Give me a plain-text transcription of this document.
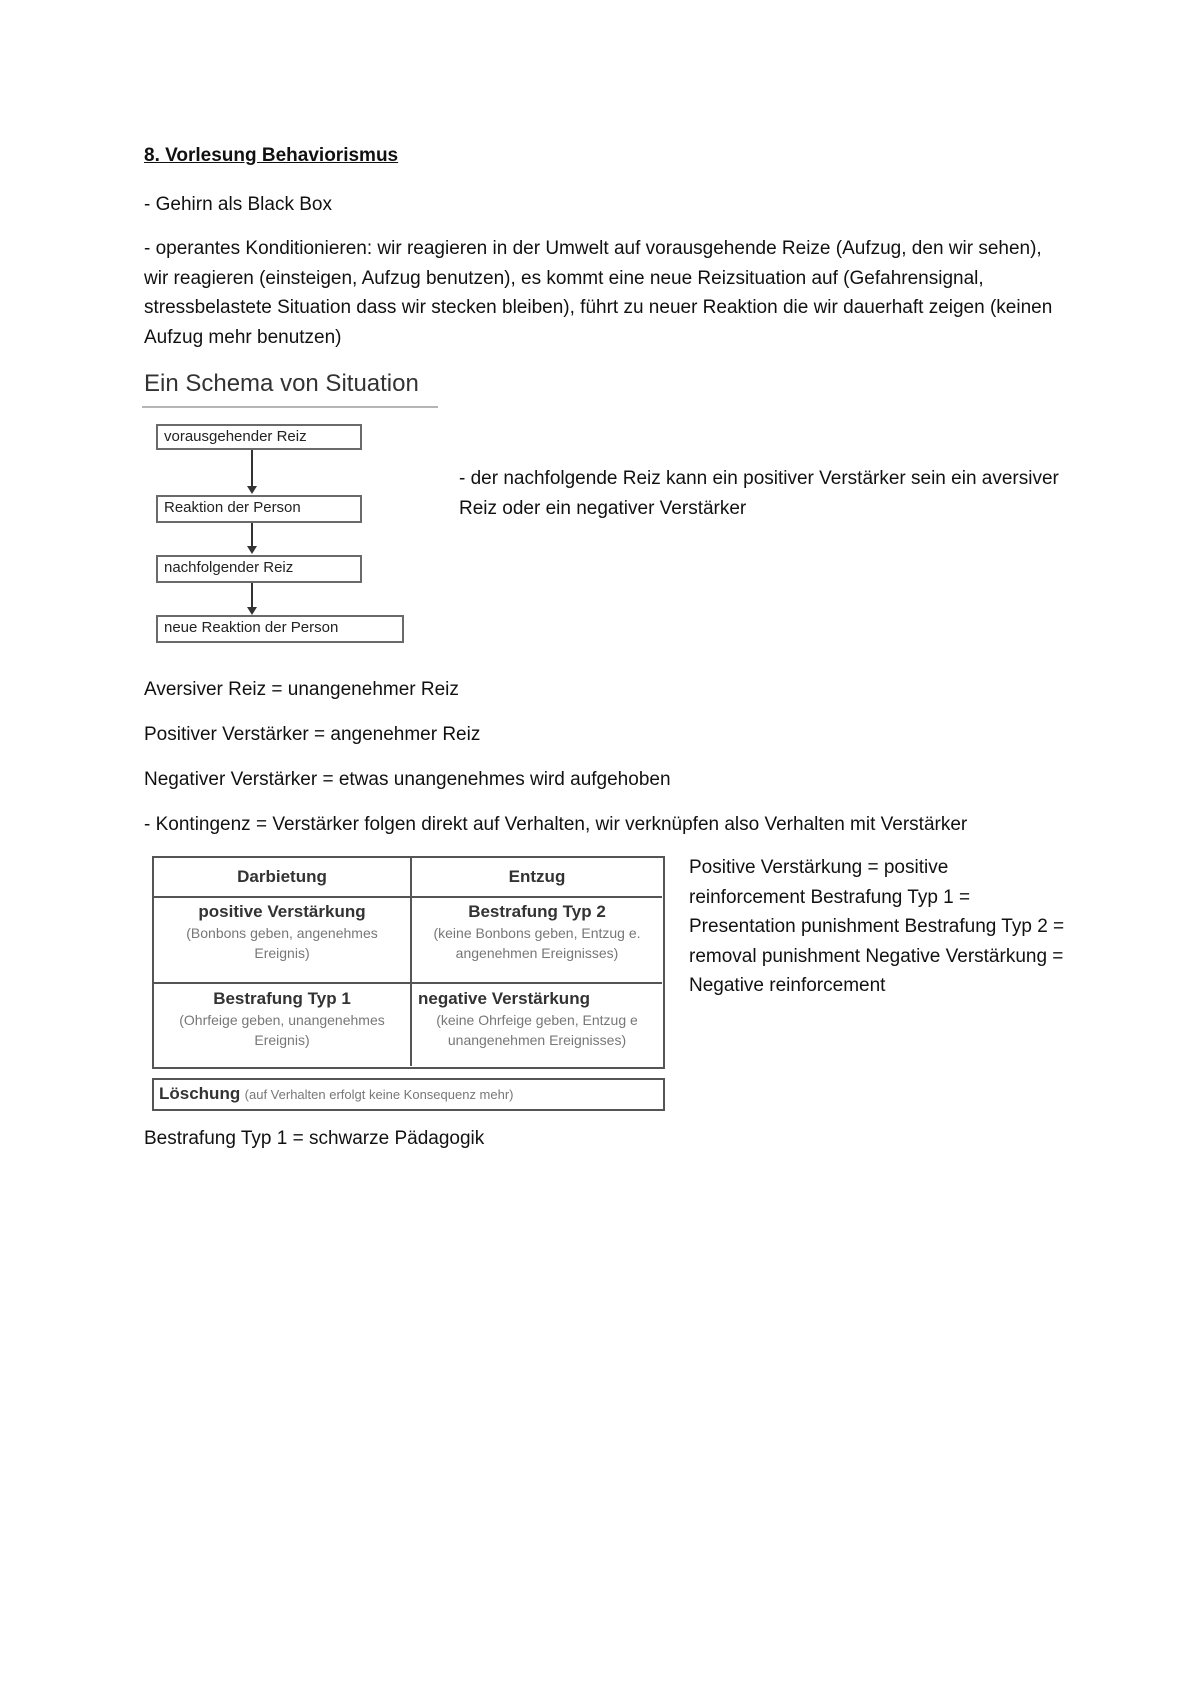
8. Vorlesung Behaviorismus
- Gehirn als Black Box
- operantes Konditionieren: wir reagieren in der Umwelt auf vorausgehende Reize (Aufzug, den wir sehen), wir reagieren (einsteigen, Aufzug benutzen), es kommt eine neue Reizsituation auf (Gefahrensignal, stressbelastete Situation dass wir stecken bleiben), führt zu neuer Reaktion die wir dauerhaft zeigen (keinen Aufzug mehr benutzen)
Ein Schema von Situation
vorausgehender Reiz
Reaktion der Person
nachfolgender Reiz
neue Reaktion der Person
- der nachfolgende Reiz kann ein positiver Verstärker sein ein aversiver Reiz oder ein negativer Verstärker
Aversiver Reiz = unangenehmer Reiz
Positiver Verstärker = angenehmer Reiz
Negativer Verstärker = etwas unangenehmes wird aufgehoben
- Kontingenz = Verstärker folgen direkt auf Verhalten, wir verknüpfen also Verhalten mit Verstärker
Darbietung	Entzug
positive Verstärkung
(Bonbons geben, angenehmes Ereignis)
Bestrafung Typ 2
(keine Bonbons geben, Entzug e. angenehmen Ereignisses)
Bestrafung Typ 1
(Ohrfeige geben, unangenehmes Ereignis)
negative Verstärkung
(keine Ohrfeige geben, Entzug e unangenehmen Ereignisses)
Löschung (auf Verhalten erfolgt keine Konsequenz mehr)
Positive Verstärkung = positive reinforcement Bestrafung Typ 1 = Presentation punishment Bestrafung Typ 2 = removal punishment Negative Verstärkung = Negative reinforcement
Bestrafung Typ 1 = schwarze Pädagogik
